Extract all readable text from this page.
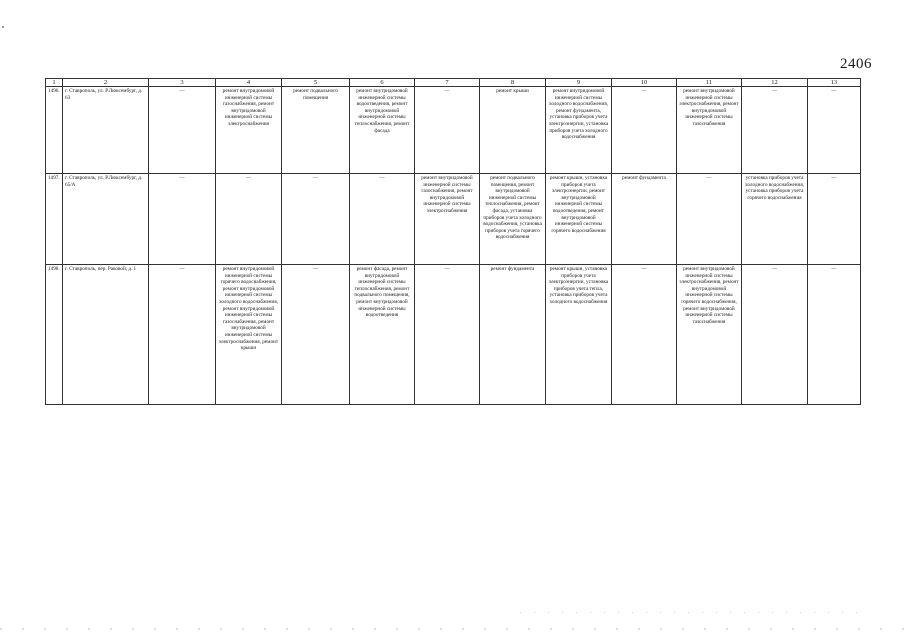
2406
1	2	3	4	5	6	7	8	9	10	11	12	13
1496.	г. Ставрополь, ул. Р.Люксембург, д. 63	—	ремонт внутридомовой инженерной системы газоснабжения, ремонт внутридомовой инженерной системы электроснабжения	ремонт подвального помещения	ремонт внутридомовой инженерной системы водоотведения, ремонт внутридомовой инженерной системы теплоснабжения, ремонт фасада	—	ремонт крыши	ремонт внутридомовой инженерной системы холодного водоснабжения, ремонт фундамента, установка приборов учета электроэнергии, установка приборов учета холодного водоснабжения	—	ремонт внутридомовой инженерной системы электроснабжения, ремонт внутридомовой инженерной системы газоснабжения	—	—
1497.	г. Ставрополь, ул. Р.Люксембург, д. 65/А	—	—	—	—	ремонт внутридомовой инженерной системы газоснабжения, ремонт внутридомовой инженерной системы электроснабжения	ремонт подвального помещения, ремонт внутридомовой инженерной системы теплоснабжения, ремонт фасада, установка приборов учета холодного водоснабжения, установка приборов учета горячего водоснабжения	ремонт крыши, установка приборов учета электроэнергии, ремонт внутридомовой инженерной системы водоотведения, ремонт внутридомовой инженерной системы горячего водоснабжения	ремонт фундамента	—	установка приборов учета холодного водоснабжения, установка приборов учета горячего водоснабжения	—
1498.	г. Ставрополь, пер. Раковой, д. 1	—	ремонт внутридомовой инженерной системы горячего водоснабжения, ремонт внутридомовой инженерной системы холодного водоснабжения, ремонт внутридомовой инженерной системы газоснабжения, ремонт внутридомовой инженерной системы электроснабжения, ремонт крыши	—	ремонт фасада, ремонт внутридомовой инженерной системы теплоснабжения, ремонт подвального помещения, ремонт внутридомовой инженерной системы водоотведения	—	ремонт фундамента	ремонт крыши, установка приборов учета электроэнергии, установка приборов учета тепла, установка приборов учета холодного водоснабжения	—	ремонт внутридомовой инженерной системы электроснабжения, ремонт внутридомовой инженерной системы горячего водоснабжения, ремонт внутридомовой инженерной системы газоснабжения	—	—
